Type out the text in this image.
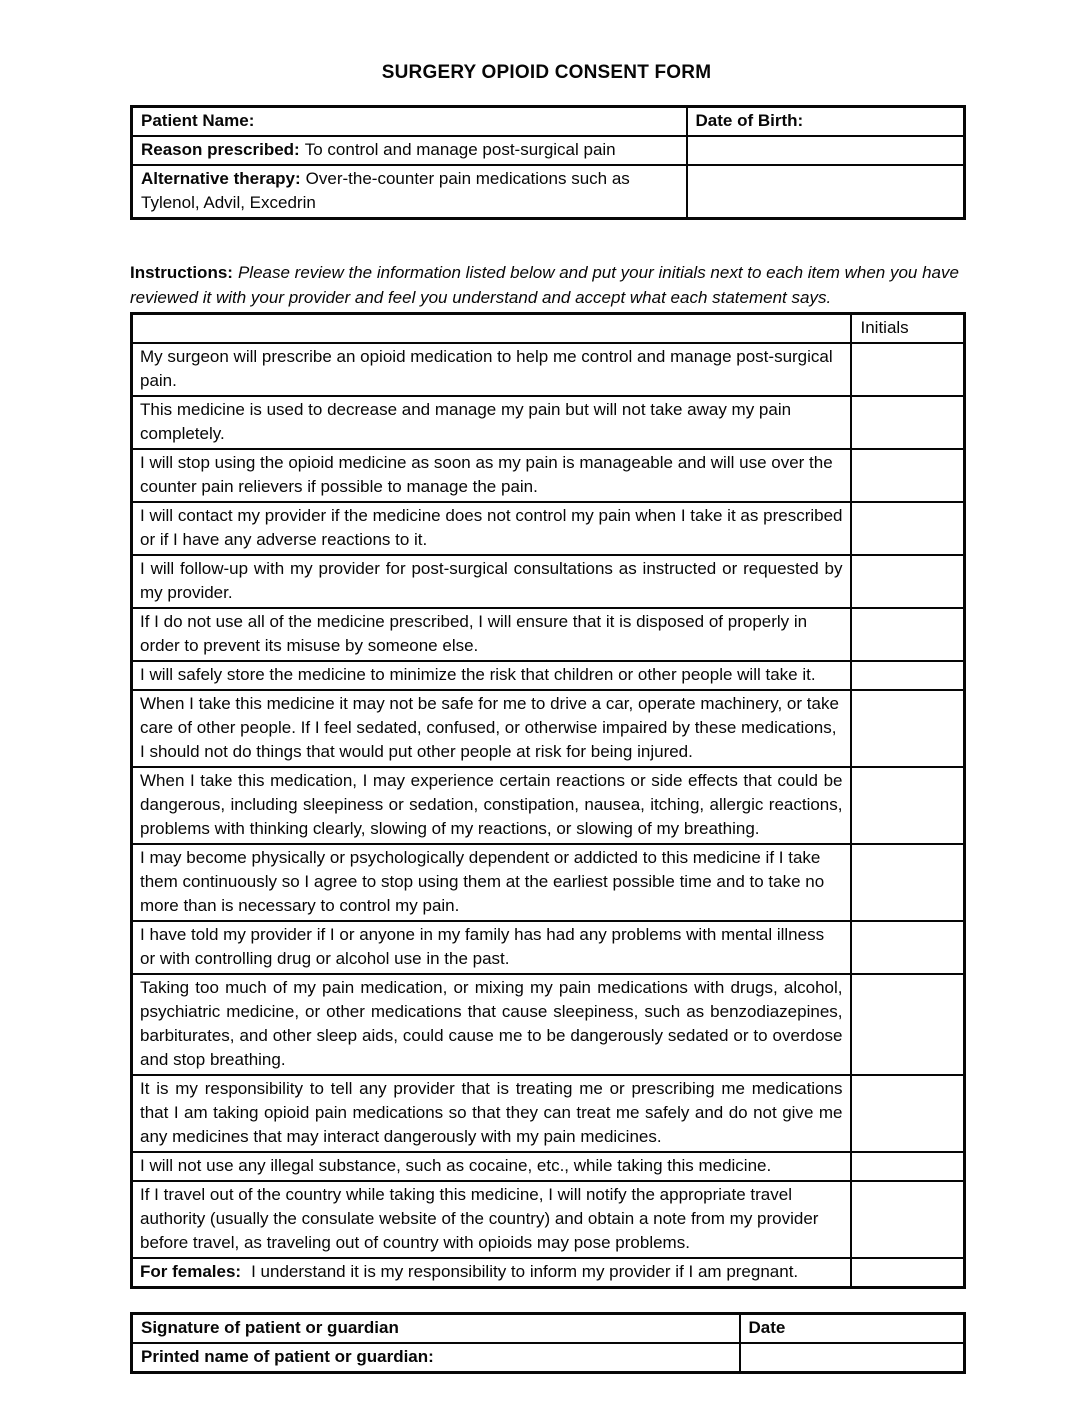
SURGERY OPIOID CONSENT FORM
Patient Name:	Date of Birth:
Reason prescribed: To control and manage post-surgical pain	
Alternative therapy: Over-the-counter pain medications such as Tylenol, Advil, Excedrin	

Instructions: Please review the information listed below and put your initials next to each item when you have reviewed it with your provider and feel you understand and accept what each statement says.

	Initials
My surgeon will prescribe an opioid medication to help me control and manage post-surgical pain.	
This medicine is used to decrease and manage my pain but will not take away my pain completely.	
I will stop using the opioid medicine as soon as my pain is manageable and will use over the counter pain relievers if possible to manage the pain.	
I will contact my provider if the medicine does not control my pain when I take it as prescribed or if I have any adverse reactions to it.	
I will follow-up with my provider for post-surgical consultations as instructed or requested by my provider.	
If I do not use all of the medicine prescribed, I will ensure that it is disposed of properly in order to prevent its misuse by someone else.	
I will safely store the medicine to minimize the risk that children or other people will take it.	
When I take this medicine it may not be safe for me to drive a car, operate machinery, or take care of other people. If I feel sedated, confused, or otherwise impaired by these medications, I should not do things that would put other people at risk for being injured.	
When I take this medication, I may experience certain reactions or side effects that could be dangerous, including sleepiness or sedation, constipation, nausea, itching, allergic reactions, problems with thinking clearly, slowing of my reactions, or slowing of my breathing.	
I may become physically or psychologically dependent or addicted to this medicine if I take them continuously so I agree to stop using them at the earliest possible time and to take no more than is necessary to control my pain.	
I have told my provider if I or anyone in my family has had any problems with mental illness or with controlling drug or alcohol use in the past.	
Taking too much of my pain medication, or mixing my pain medications with drugs, alcohol, psychiatric medicine, or other medications that cause sleepiness, such as benzodiazepines, barbiturates, and other sleep aids, could cause me to be dangerously sedated or to overdose and stop breathing.	
It is my responsibility to tell any provider that is treating me or prescribing me medications that I am taking opioid pain medications so that they can treat me safely and do not give me any medicines that may interact dangerously with my pain medicines.	
I will not use any illegal substance, such as cocaine, etc., while taking this medicine.	
If I travel out of the country while taking this medicine, I will notify the appropriate travel authority (usually the consulate website of the country) and obtain a note from my provider before travel, as traveling out of country with opioids may pose problems.	
For females: I understand it is my responsibility to inform my provider if I am pregnant.	
Signature of patient or guardian	Date
Printed name of patient or guardian:	
